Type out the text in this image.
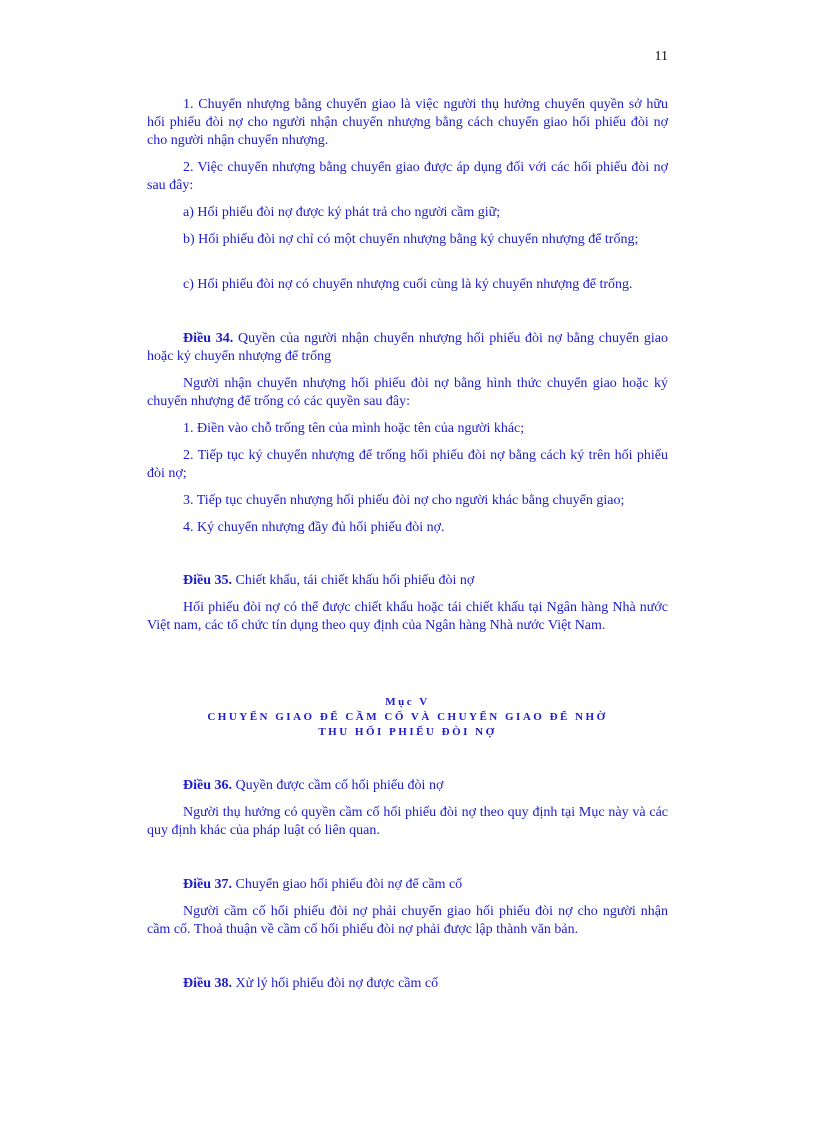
11
1. Chuyển nhượng bằng chuyển giao là việc người thụ hưởng chuyển quyền sở hữu hối phiếu đòi nợ cho người nhận chuyển nhượng bằng cách chuyển giao hối phiếu đòi nợ cho người nhận chuyển nhượng.
2. Việc chuyển nhượng bằng chuyển giao được áp dụng đối với các hối phiếu đòi nợ sau đây:
a) Hối phiếu đòi nợ được ký phát trả cho người cầm giữ;
b) Hối phiếu đòi nợ chỉ có một chuyển nhượng bằng ký chuyển nhượng để trống;
c) Hối phiếu đòi nợ có chuyển nhượng cuối cùng là ký chuyển nhượng để trống.
Điều 34. Quyền của người nhận chuyển nhượng hối phiếu đòi nợ bằng chuyển giao hoặc ký chuyển nhượng để trống
Người nhận chuyển nhượng hối phiếu đòi nợ bằng hình thức chuyển giao hoặc ký chuyển nhượng để trống có các quyền sau đây:
1. Điền vào chỗ trống tên của mình hoặc tên của người khác;
2. Tiếp tục ký chuyển nhượng để trống hối phiếu đòi nợ bằng cách ký trên hối phiếu đòi nợ;
3. Tiếp tục chuyển nhượng hối phiếu đòi nợ cho người khác bằng chuyển giao;
4. Ký chuyển nhượng đầy đủ hối phiếu đòi nợ.
Điều 35. Chiết khấu, tái chiết khấu hối phiếu đòi nợ
Hối phiếu đòi nợ có thể được chiết khấu hoặc tái chiết khấu tại Ngân hàng Nhà nước Việt nam, các tổ chức tín dụng theo quy định của Ngân hàng Nhà nước Việt Nam.
Mục V
CHUYỂN GIAO ĐỂ CẦM CỐ VÀ CHUYỂN GIAO ĐỂ NHỜ
THU HỐI PHIẾU ĐÒI NỢ
Điều 36. Quyền được cầm cố hối phiếu đòi nợ
Người thụ hưởng có quyền cầm cố hối phiếu đòi nợ theo quy định tại Mục này và các quy định khác của pháp luật có liên quan.
Điều 37. Chuyển giao hối phiếu đòi nợ để cầm cố
Người cầm cố hối phiếu đòi nợ phải chuyển giao hối phiếu đòi nợ cho người nhận cầm cố. Thoả thuận về cầm cố hối phiếu đòi nợ phải được lập thành văn bản.
Điều 38. Xử lý hối phiếu đòi nợ được cầm cố
